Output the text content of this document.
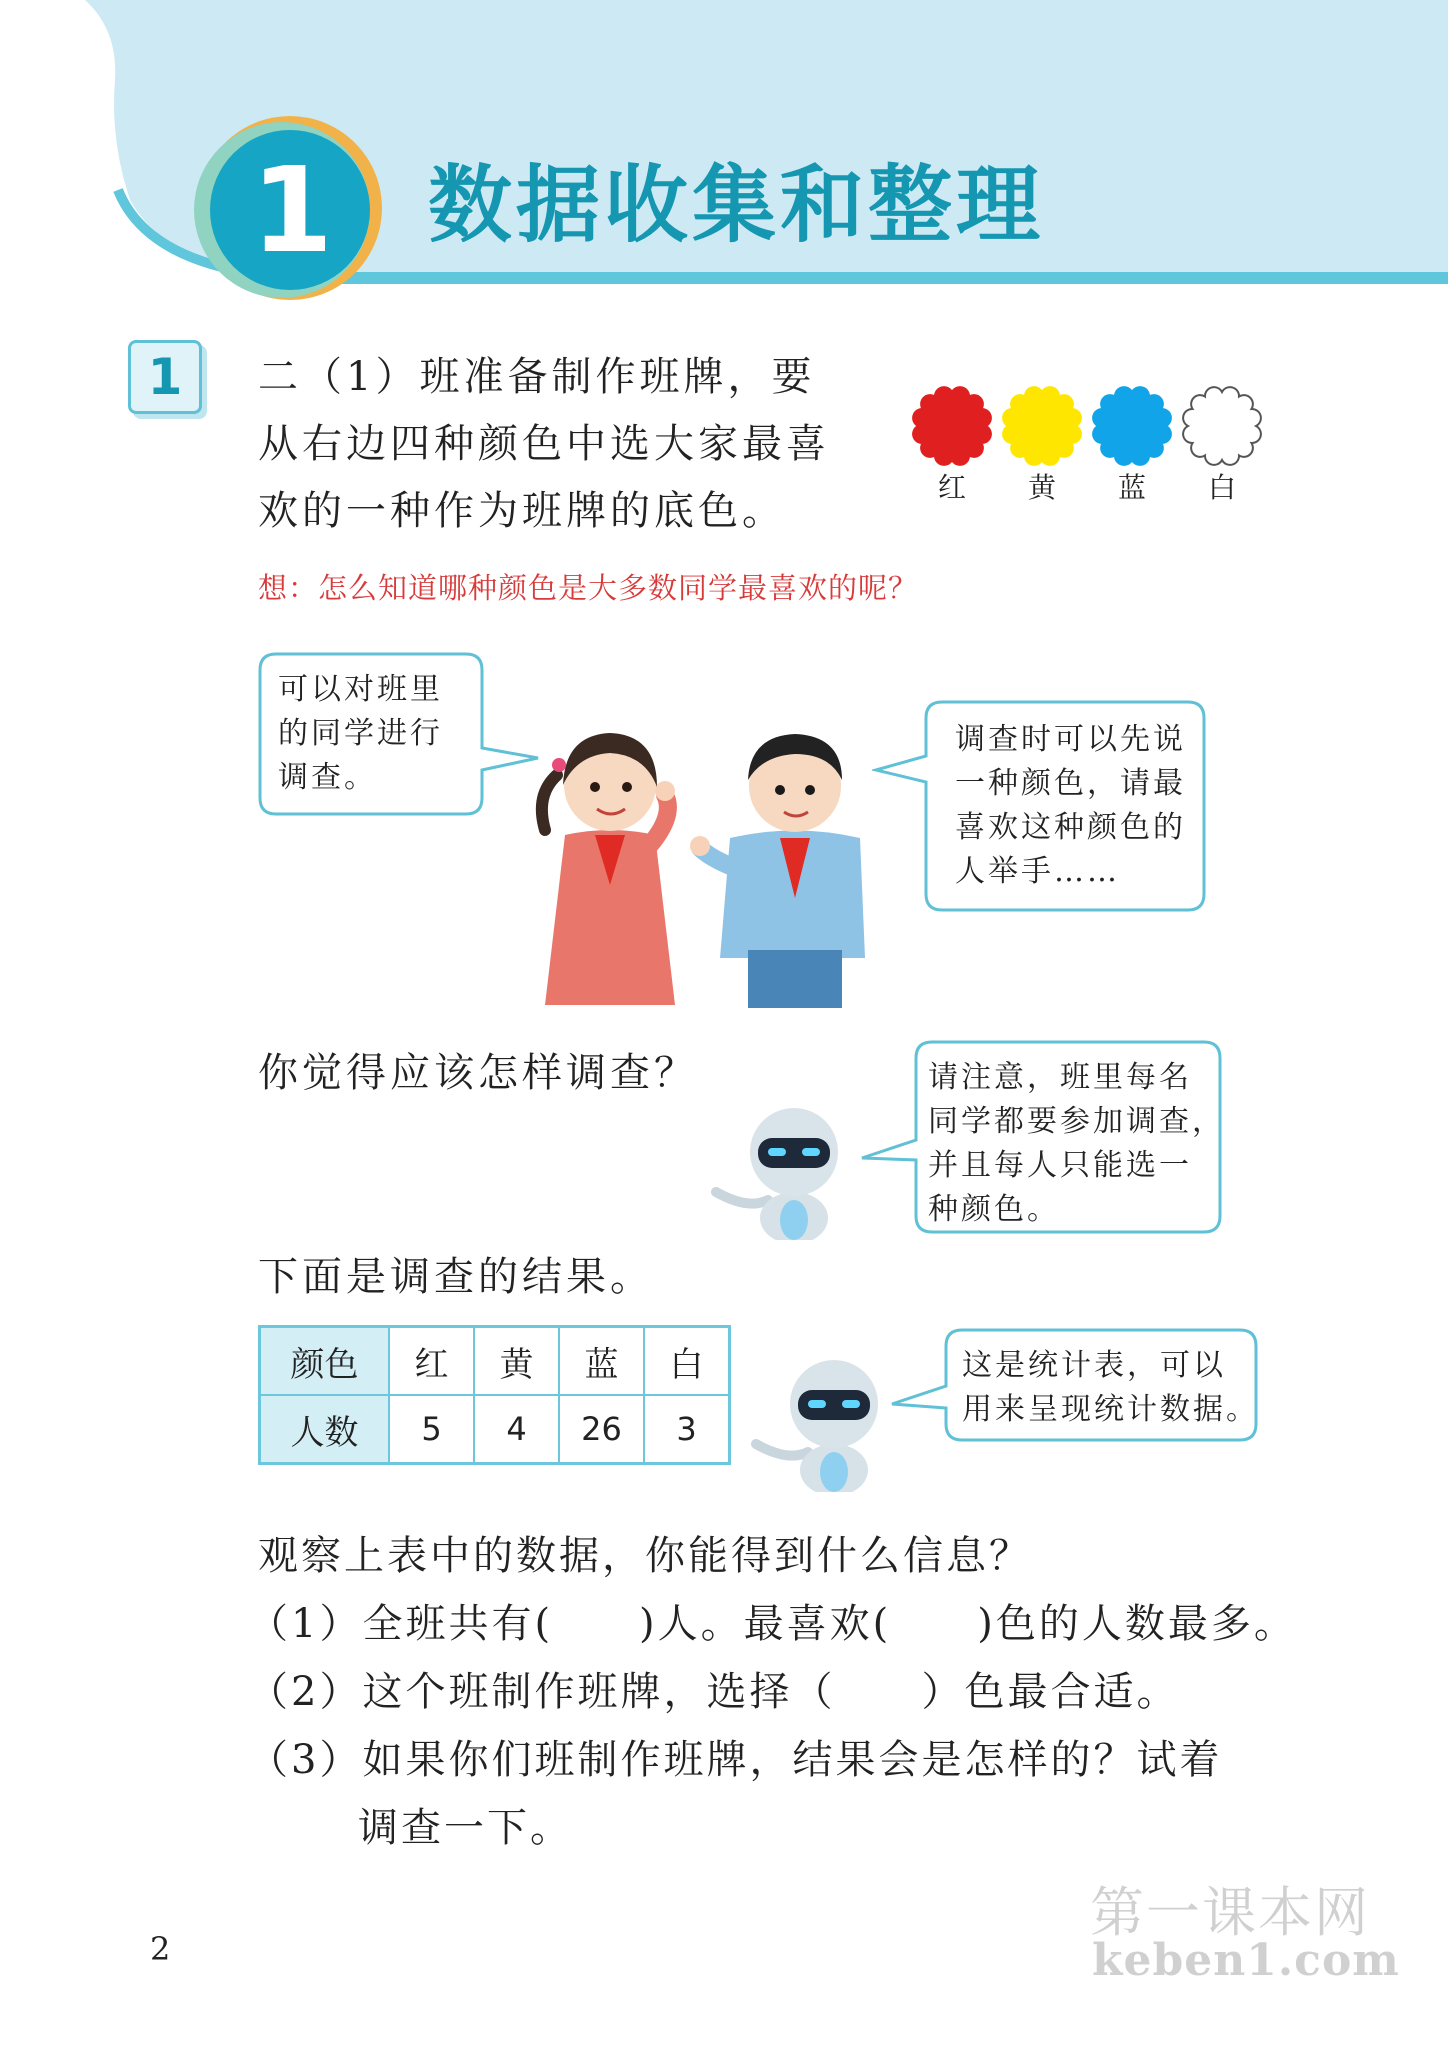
1 数据收集和整理
1	二（1）班准备制作班牌，要
从右边四种颜色中选大家最喜
欢的一种作为班牌的底色。
红 黄 蓝 白
想：怎么知道哪种颜色是大多数同学最喜欢的呢？
可以对班里
的同学进行
调查。
调查时可以先说
一种颜色，请最
喜欢这种颜色的
人举手……
你觉得应该怎样调查？	请注意，班里每名
同学都要参加调查，
并且每人只能选一
种颜色。
下面是调查的结果。
颜色	红	黄	蓝	白
人数	5	4	26	3
这是统计表，可以
用来呈现统计数据。
观察上表中的数据，你能得到什么信息？
（1）全班共有(　　)人。最喜欢(　　)色的人数最多。
（2）这个班制作班牌，选择（　　）色最合适。
（3）如果你们班制作班牌，结果会是怎样的？试着
调查一下。
2
第一课本网
keben1.com
